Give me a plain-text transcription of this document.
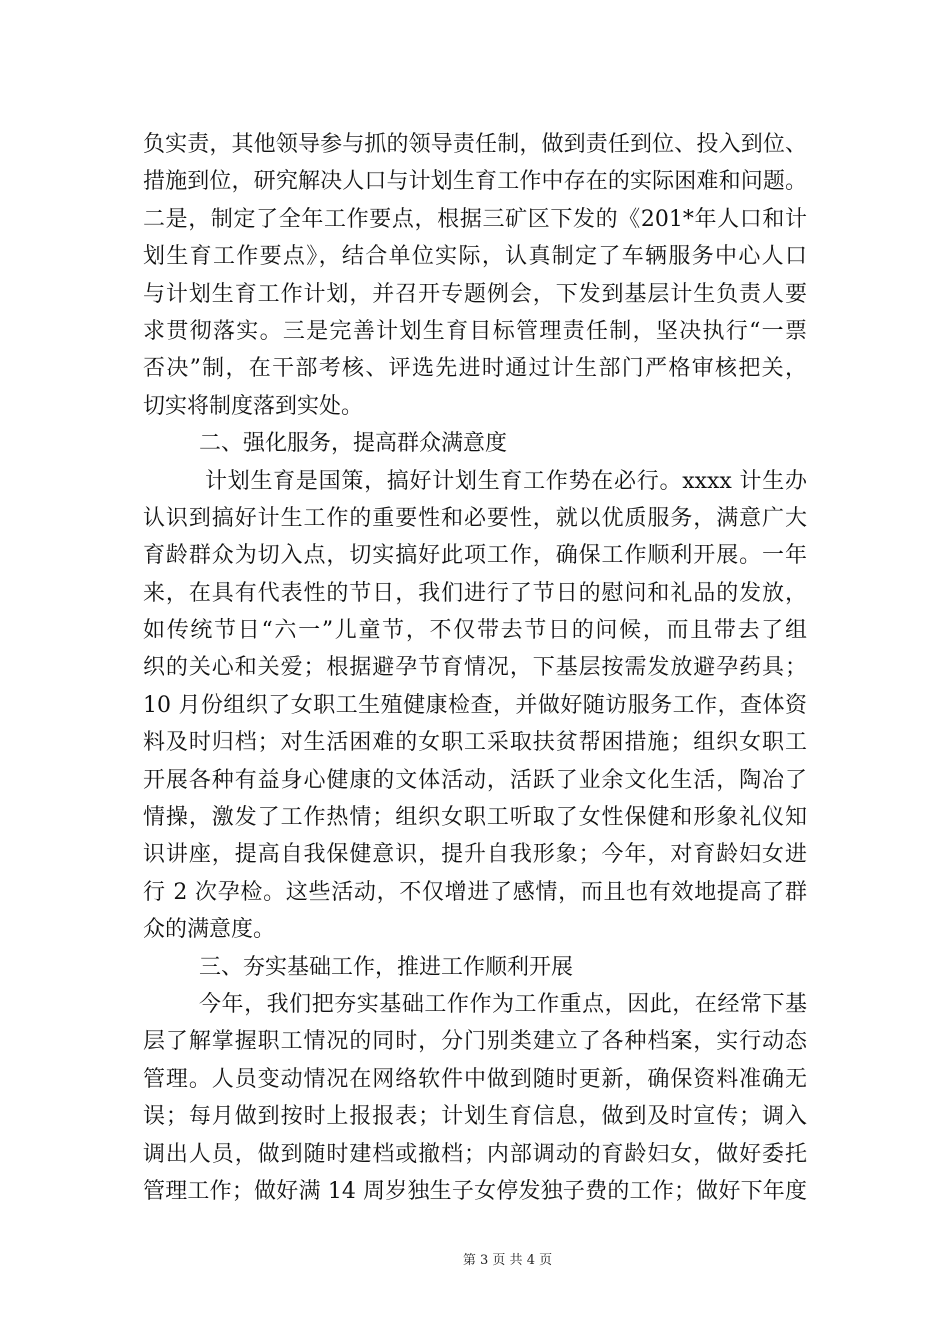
负实责，其他领导参与抓的领导责任制，做到责任到位、投入到位、
措施到位，研究解决人口与计划生育工作中存在的实际困难和问题。
二是，制定了全年工作要点，根据三矿区下发的《201*年人口和计
划生育工作要点》，结合单位实际，认真制定了车辆服务中心人口
与计划生育工作计划，并召开专题例会，下发到基层计生负责人要
求贯彻落实。三是完善计划生育目标管理责任制，坚决执行“一票
否决”制，在干部考核、评选先进时通过计生部门严格审核把关，
切实将制度落到实处。
二、强化服务，提高群众满意度
计划生育是国策，搞好计划生育工作势在必行。xxxx 计生办
认识到搞好计生工作的重要性和必要性，就以优质服务，满意广大
育龄群众为切入点，切实搞好此项工作，确保工作顺利开展。一年
来，在具有代表性的节日，我们进行了节日的慰问和礼品的发放，
如传统节日“六一”儿童节，不仅带去节日的问候，而且带去了组
织的关心和关爱；根据避孕节育情况，下基层按需发放避孕药具；
10 月份组织了女职工生殖健康检查，并做好随访服务工作，查体资
料及时归档；对生活困难的女职工采取扶贫帮困措施；组织女职工
开展各种有益身心健康的文体活动，活跃了业余文化生活，陶冶了
情操，激发了工作热情；组织女职工听取了女性保健和形象礼仪知
识讲座，提高自我保健意识，提升自我形象；今年，对育龄妇女进
行 2 次孕检。这些活动，不仅增进了感情，而且也有效地提高了群
众的满意度。
三、夯实基础工作，推进工作顺利开展
今年，我们把夯实基础工作作为工作重点，因此，在经常下基
层了解掌握职工情况的同时，分门别类建立了各种档案，实行动态
管理。人员变动情况在网络软件中做到随时更新，确保资料准确无
误；每月做到按时上报报表；计划生育信息，做到及时宣传；调入
调出人员，做到随时建档或撤档；内部调动的育龄妇女，做好委托
管理工作；做好满 14 周岁独生子女停发独子费的工作；做好下年度
第 3 页 共 4 页
